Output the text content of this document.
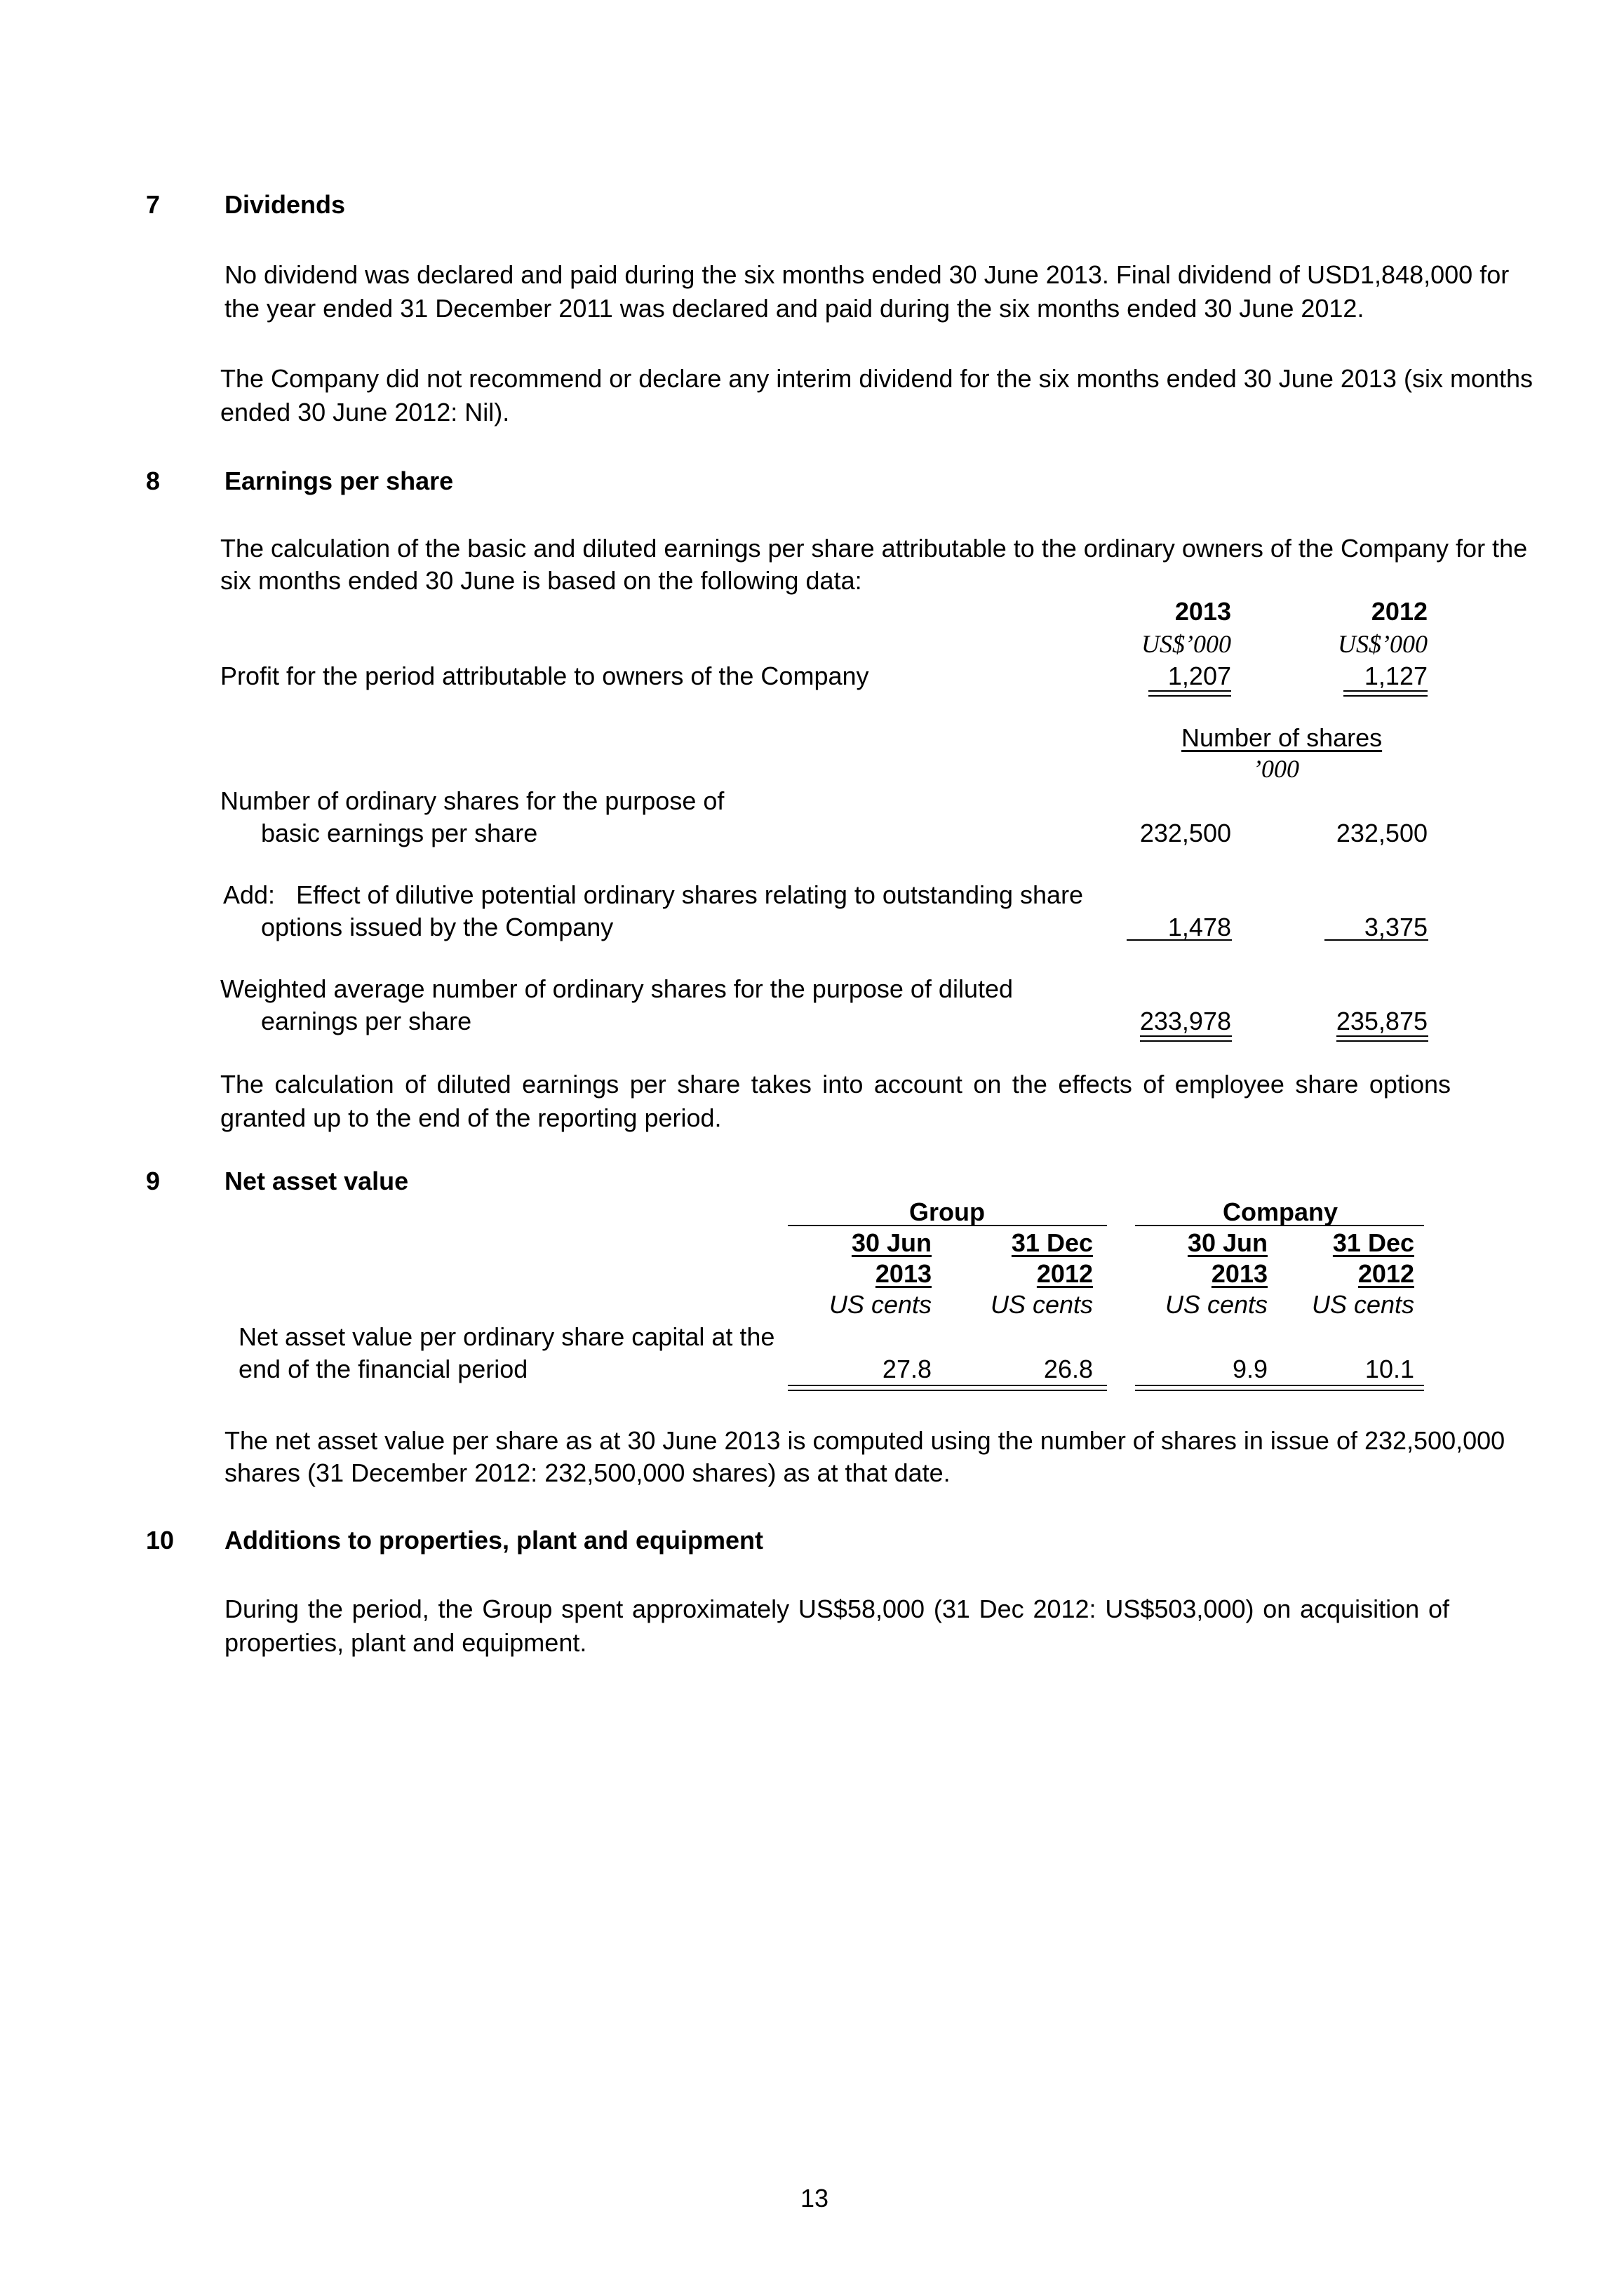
7	Dividends
No dividend was declared and paid during the six months ended 30 June 2013. Final dividend of USD1,848,000 for
the year ended 31 December 2011 was declared and paid during the six months ended 30 June 2012.
The Company did not recommend or declare any interim dividend for the six months ended 30 June 2013 (six months
ended 30 June 2012: Nil).
8	Earnings per share
The calculation of the basic and diluted earnings per share attributable to the ordinary owners of the Company for the
six months ended 30 June is based on the following data:
2013	2012
US$’000	US$’000
Profit for the period attributable to owners of the Company	1,207	1,127
Number of shares
’000
Number of ordinary shares for the purpose of
basic earnings per share	232,500	232,500
Add:   Effect of dilutive potential ordinary shares relating to outstanding share
options issued by the Company	1,478	3,375
Weighted average number of ordinary shares for the purpose of diluted
earnings per share	233,978	235,875
The calculation of diluted earnings per share takes into account on the effects of employee share options
granted up to the end of the reporting period.
9	Net asset value
Group	Company
30 Jun	31 Dec	30 Jun	31 Dec
2013	2012	2013	2012
US cents US cents	US cents US cents
Net asset value per ordinary share capital at the
end of the financial period	27.8	26.8	9.9	10.1
The net asset value per share as at 30 June 2013 is computed using the number of shares in issue of 232,500,000
shares (31 December 2012: 232,500,000 shares) as at that date.
10 Additions to properties, plant and equipment
During the period, the Group spent approximately US$58,000 (31 Dec 2012: US$503,000) on acquisition of
properties, plant and equipment.
13
